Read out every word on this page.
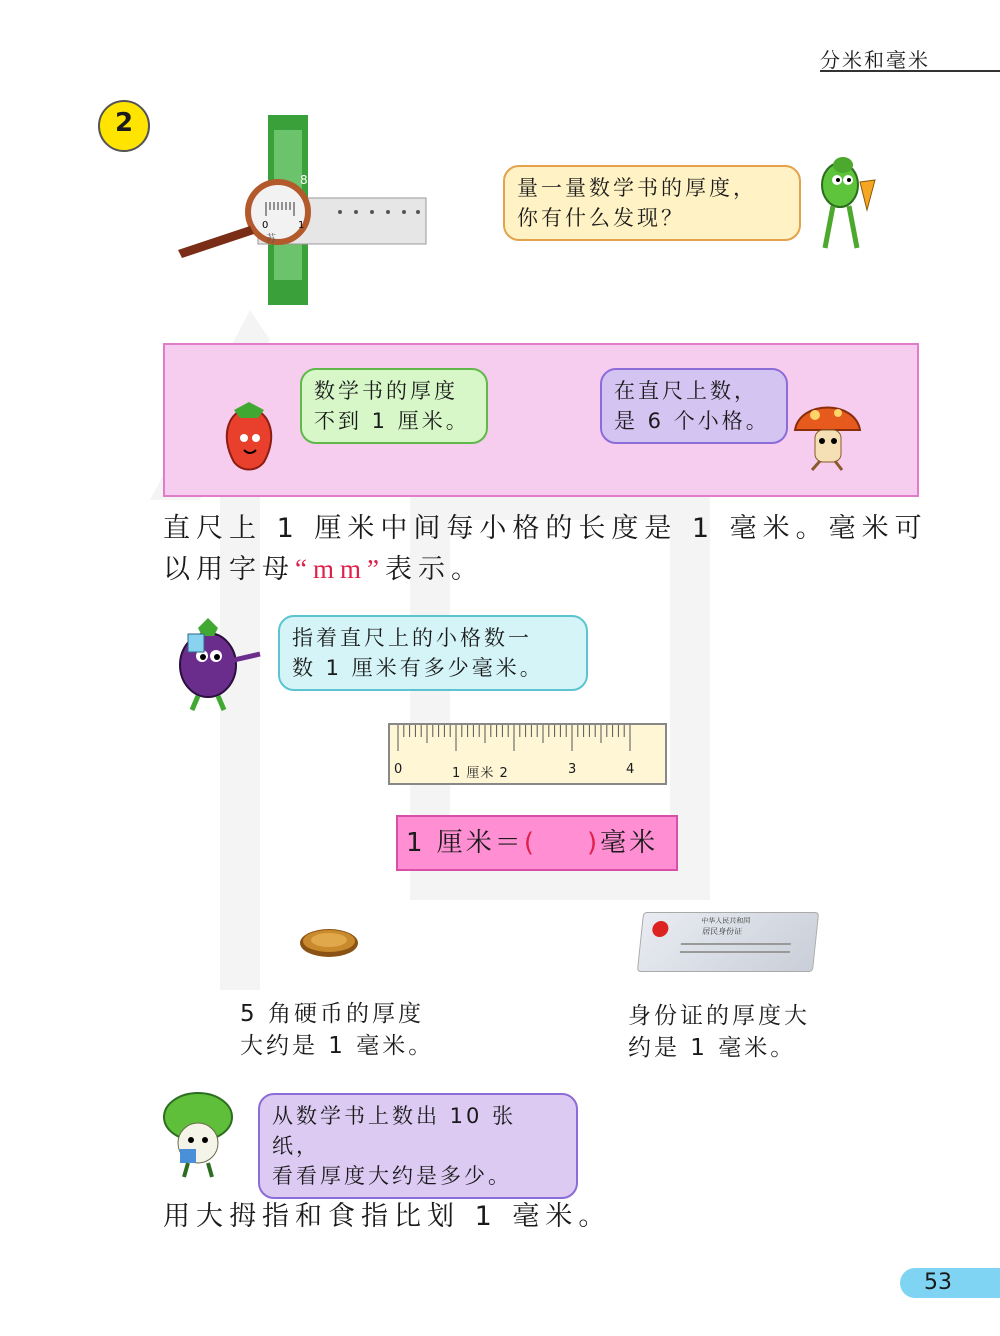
分米和毫米
2
0	1
苏
8	量一量数学书的厚度，
你有什么发现？
数学书的厚度
不到 1 厘米。
在直尺上数，
是 6 个小格。
直尺上 1 厘米中间每小格的长度是 1 毫米。毫米可
以用字母“mm”表示。
指着直尺上的小格数一
数 1 厘米有多少毫米。
0	1 厘米 2	3	4
1 厘米＝( )毫米
5 角硬币的厚度
大约是 1 毫米。
中华人民共和国
居民身份证
身份证的厚度大
约是 1 毫米。
从数学书上数出 10 张纸，
看看厚度大约是多少。
用大拇指和食指比划 1 毫米。
53
